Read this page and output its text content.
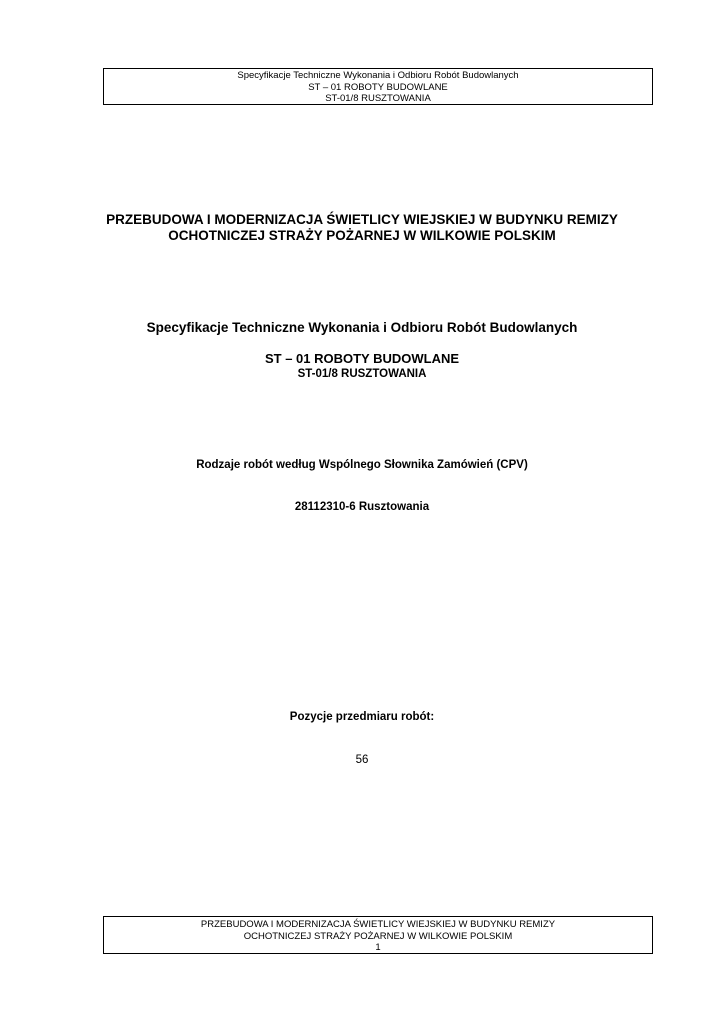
Specyfikacje Techniczne Wykonania i Odbioru Robót Budowlanych
ST – 01 ROBOTY BUDOWLANE
ST-01/8 RUSZTOWANIA
PRZEBUDOWA I MODERNIZACJA ŚWIETLICY WIEJSKIEJ W BUDYNKU REMIZY
OCHOTNICZEJ STRAŻY POŻARNEJ W WILKOWIE POLSKIM
Specyfikacje Techniczne Wykonania i Odbioru Robót Budowlanych
ST – 01 ROBOTY BUDOWLANE
ST-01/8 RUSZTOWANIA
Rodzaje robót według Wspólnego Słownika Zamówień (CPV)
28112310-6 Rusztowania
Pozycje przedmiaru robót:
56
PRZEBUDOWA I MODERNIZACJA ŚWIETLICY WIEJSKIEJ W BUDYNKU REMIZY
OCHOTNICZEJ STRAŻY POŻARNEJ W WILKOWIE POLSKIM
1
